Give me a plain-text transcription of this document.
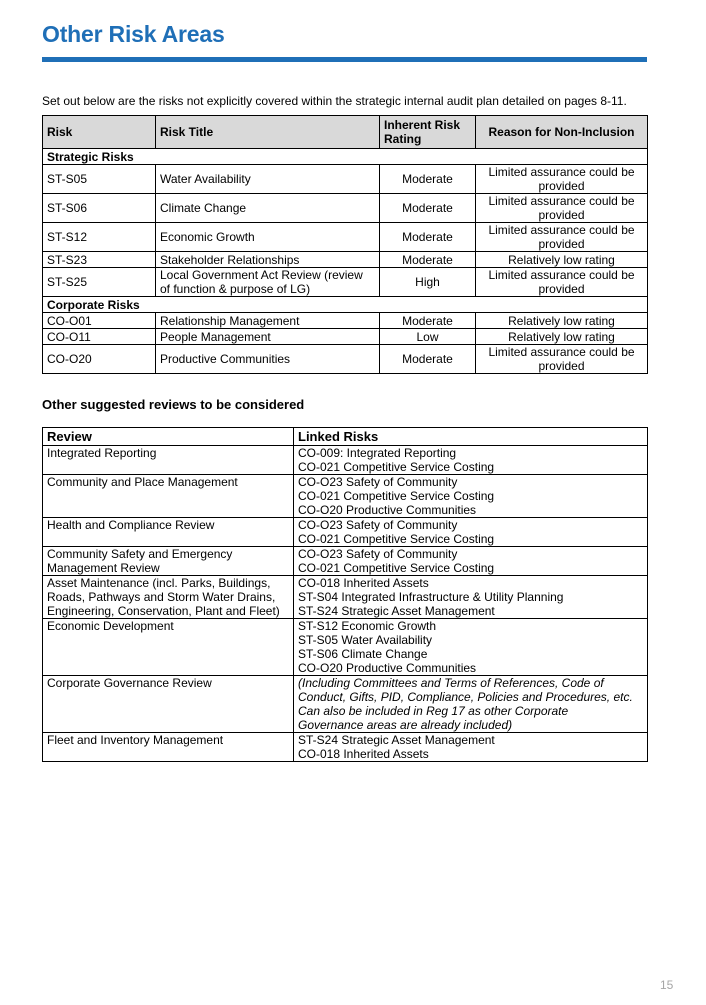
Other Risk Areas
Set out below are the risks not explicitly covered within the strategic internal audit plan detailed on pages 8-11.
Risk	Risk Title	Inherent Risk
Rating	Reason for Non-Inclusion
Strategic Risks			
ST-S05	Water Availability	Moderate	Limited assurance could be
provided
ST-S06	Climate Change	Moderate	Limited assurance could be
provided
ST-S12	Economic Growth	Moderate	Limited assurance could be
provided
ST-S23	Stakeholder Relationships	Moderate	Relatively low rating
ST-S25	Local Government Act Review (review
of function & purpose of LG)	High	Limited assurance could be
provided
Corporate Risks			
CO-O01	Relationship Management	Moderate	Relatively low rating
CO-O11	People Management	Low	Relatively low rating
CO-O20	Productive Communities	Moderate	Limited assurance could be
provided
Other suggested reviews to be considered
Review	Linked Risks

Integrated Reporting	CO-009: Integrated Reporting
CO-021 Competitive Service Costing

Community and Place Management	CO-O23 Safety of Community
CO-021 Competitive Service Costing
CO-O20 Productive Communities

Health and Compliance Review	CO-O23 Safety of Community
CO-021 Competitive Service Costing

Community Safety and Emergency
Management Review	CO-O23 Safety of Community
CO-021 Competitive Service Costing

Asset Maintenance (incl. Parks, Buildings,
Roads, Pathways and Storm Water Drains,
Engineering, Conservation, Plant and Fleet)	CO-018 Inherited Assets
ST-S04 Integrated Infrastructure & Utility Planning
ST-S24 Strategic Asset Management

Economic Development	ST-S12 Economic Growth
ST-S05 Water Availability
ST-S06 Climate Change
CO-O20 Productive Communities

Corporate Governance Review	(Including Committees and Terms of References, Code of
Conduct, Gifts, PID, Compliance, Policies and Procedures, etc.
Can also be included in Reg 17 as other Corporate
Governance areas are already included)

Fleet and Inventory Management	ST-S24 Strategic Asset Management
CO-018 Inherited Assets
15
